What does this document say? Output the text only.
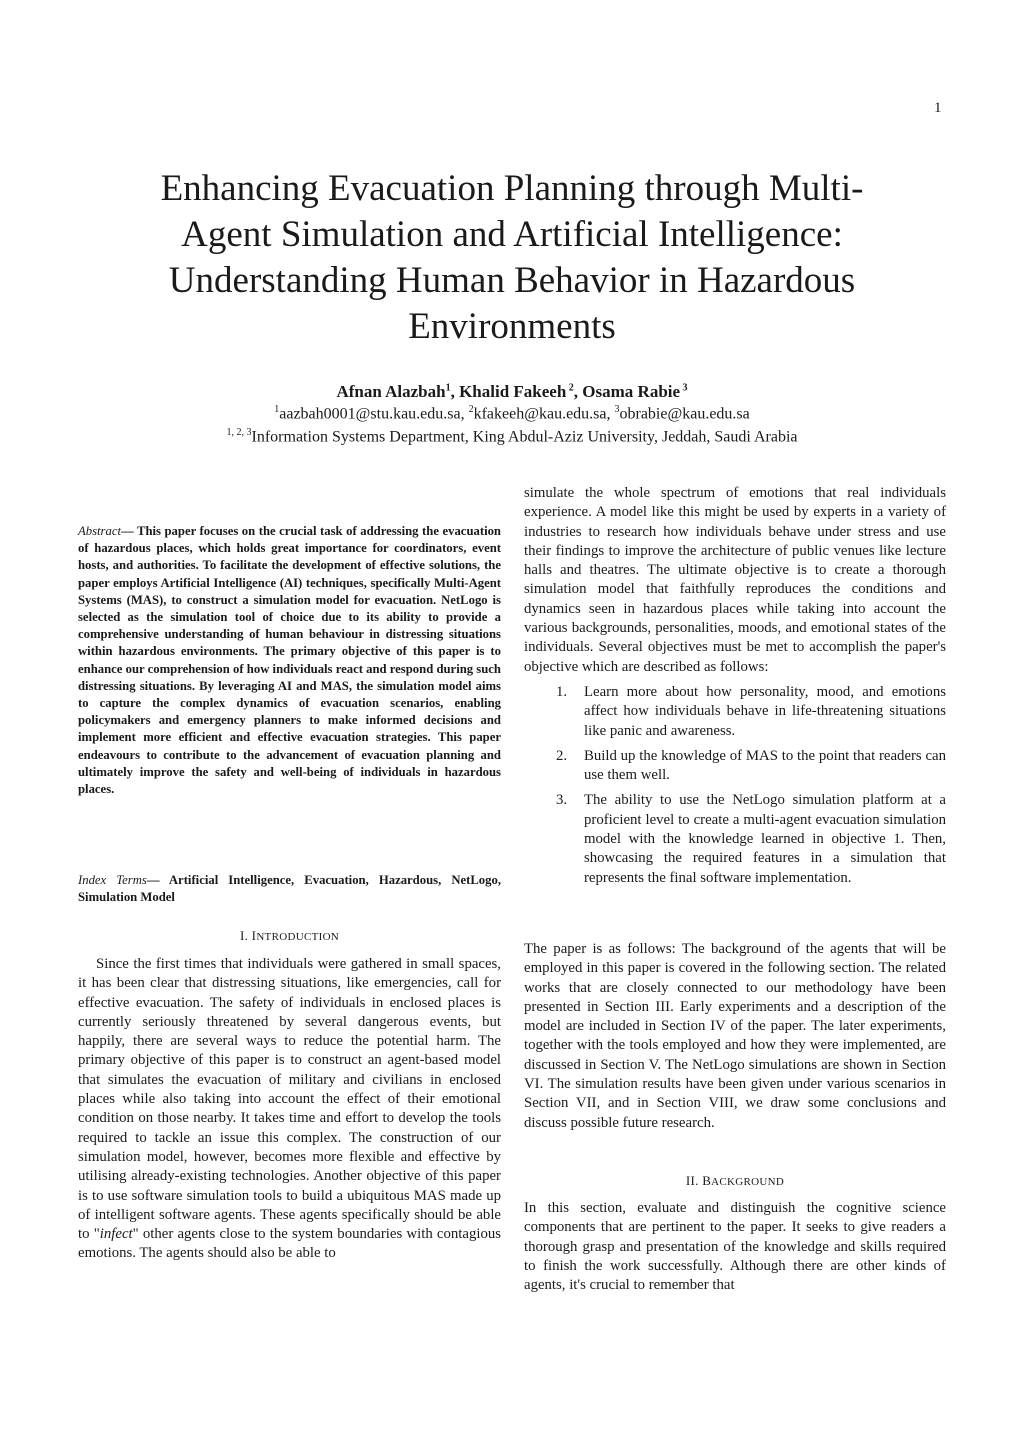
1
Enhancing Evacuation Planning through Multi-
Agent Simulation and Artificial Intelligence:
Understanding Human Behavior in Hazardous
Environments
Afnan Alazbah$^1$, Khalid Fakeeh $^2$, Osama Rabie $^3$
$^1$aazbah0001@stu.kau.edu.sa, $^2$kfakeeh@kau.edu.sa, $^3$obrabie@kau.edu.sa
$^{1, 2, 3}$Information Systems Department, King Abdul-Aziz University, Jeddah, Saudi Arabia
Abstract— This paper focuses on the crucial task of addressing the evacuation of hazardous places, which holds great importance for coordinators, event hosts, and authorities. To facilitate the development of effective solutions, the paper employs Artificial Intelligence (AI) techniques, specifically Multi-Agent Systems (MAS), to construct a simulation model for evacuation. NetLogo is selected as the simulation tool of choice due to its ability to provide a comprehensive understanding of human behaviour in distressing situations within hazardous environments. The primary objective of this paper is to enhance our comprehension of how individuals react and respond during such distressing situations. By leveraging AI and MAS, the simulation model aims to capture the complex dynamics of evacuation scenarios, enabling policymakers and emergency planners to make informed decisions and implement more efficient and effective evacuation strategies. This paper endeavours to contribute to the advancement of evacuation planning and ultimately improve the safety and well-being of individuals in hazardous places.
Index Terms— Artificial Intelligence, Evacuation, Hazardous, NetLogo, Simulation Model
I. INTRODUCTION

Since the first times that individuals were gathered in small spaces, it has been clear that distressing situations, like emergencies, call for effective evacuation. The safety of individuals in enclosed places is currently seriously threatened by several dangerous events, but happily, there are several ways to reduce the potential harm. The primary objective of this paper is to construct an agent-based model that simulates the evacuation of military and civilians in enclosed places while also taking into account the effect of their emotional condition on those nearby. It takes time and effort to develop the tools required to tackle an issue this complex. The construction of our simulation model, however, becomes more flexible and effective by utilising already-existing technologies. Another objective of this paper is to use software simulation tools to build a ubiquitous MAS made up of intelligent software agents. These agents specifically should be able to "infect" other agents close to the system boundaries with contagious emotions. The agents should also be able to

simulate the whole spectrum of emotions that real individuals experience. A model like this might be used by experts in a variety of industries to research how individuals behave under stress and use their findings to improve the architecture of public venues like lecture halls and theatres. The ultimate objective is to create a thorough simulation model that faithfully reproduces the conditions and dynamics seen in hazardous places while taking into account the various backgrounds, personalities, moods, and emotional states of the individuals. Several objectives must be met to accomplish the paper's objective which are described as follows:

1. Learn more about how personality, mood, and emotions affect how individuals behave in life-threatening situations like panic and awareness.
2. Build up the knowledge of MAS to the point that readers can use them well.
3. The ability to use the NetLogo simulation platform at a proficient level to create a multi-agent evacuation simulation model with the knowledge learned in objective 1. Then, showcasing the required features in a simulation that represents the final software implementation.

The paper is as follows: The background of the agents that will be employed in this paper is covered in the following section. The related works that are closely connected to our methodology have been presented in Section III. Early experiments and a description of the model are included in Section IV of the paper. The later experiments, together with the tools employed and how they were implemented, are discussed in Section V. The NetLogo simulations are shown in Section VI. The simulation results have been given under various scenarios in Section VII, and in Section VIII, we draw some conclusions and discuss possible future research.

II. BACKGROUND

In this section, evaluate and distinguish the cognitive science components that are pertinent to the paper. It seeks to give readers a thorough grasp and presentation of the knowledge and skills required to finish the work successfully. Although there are other kinds of agents, it's crucial to remember that
